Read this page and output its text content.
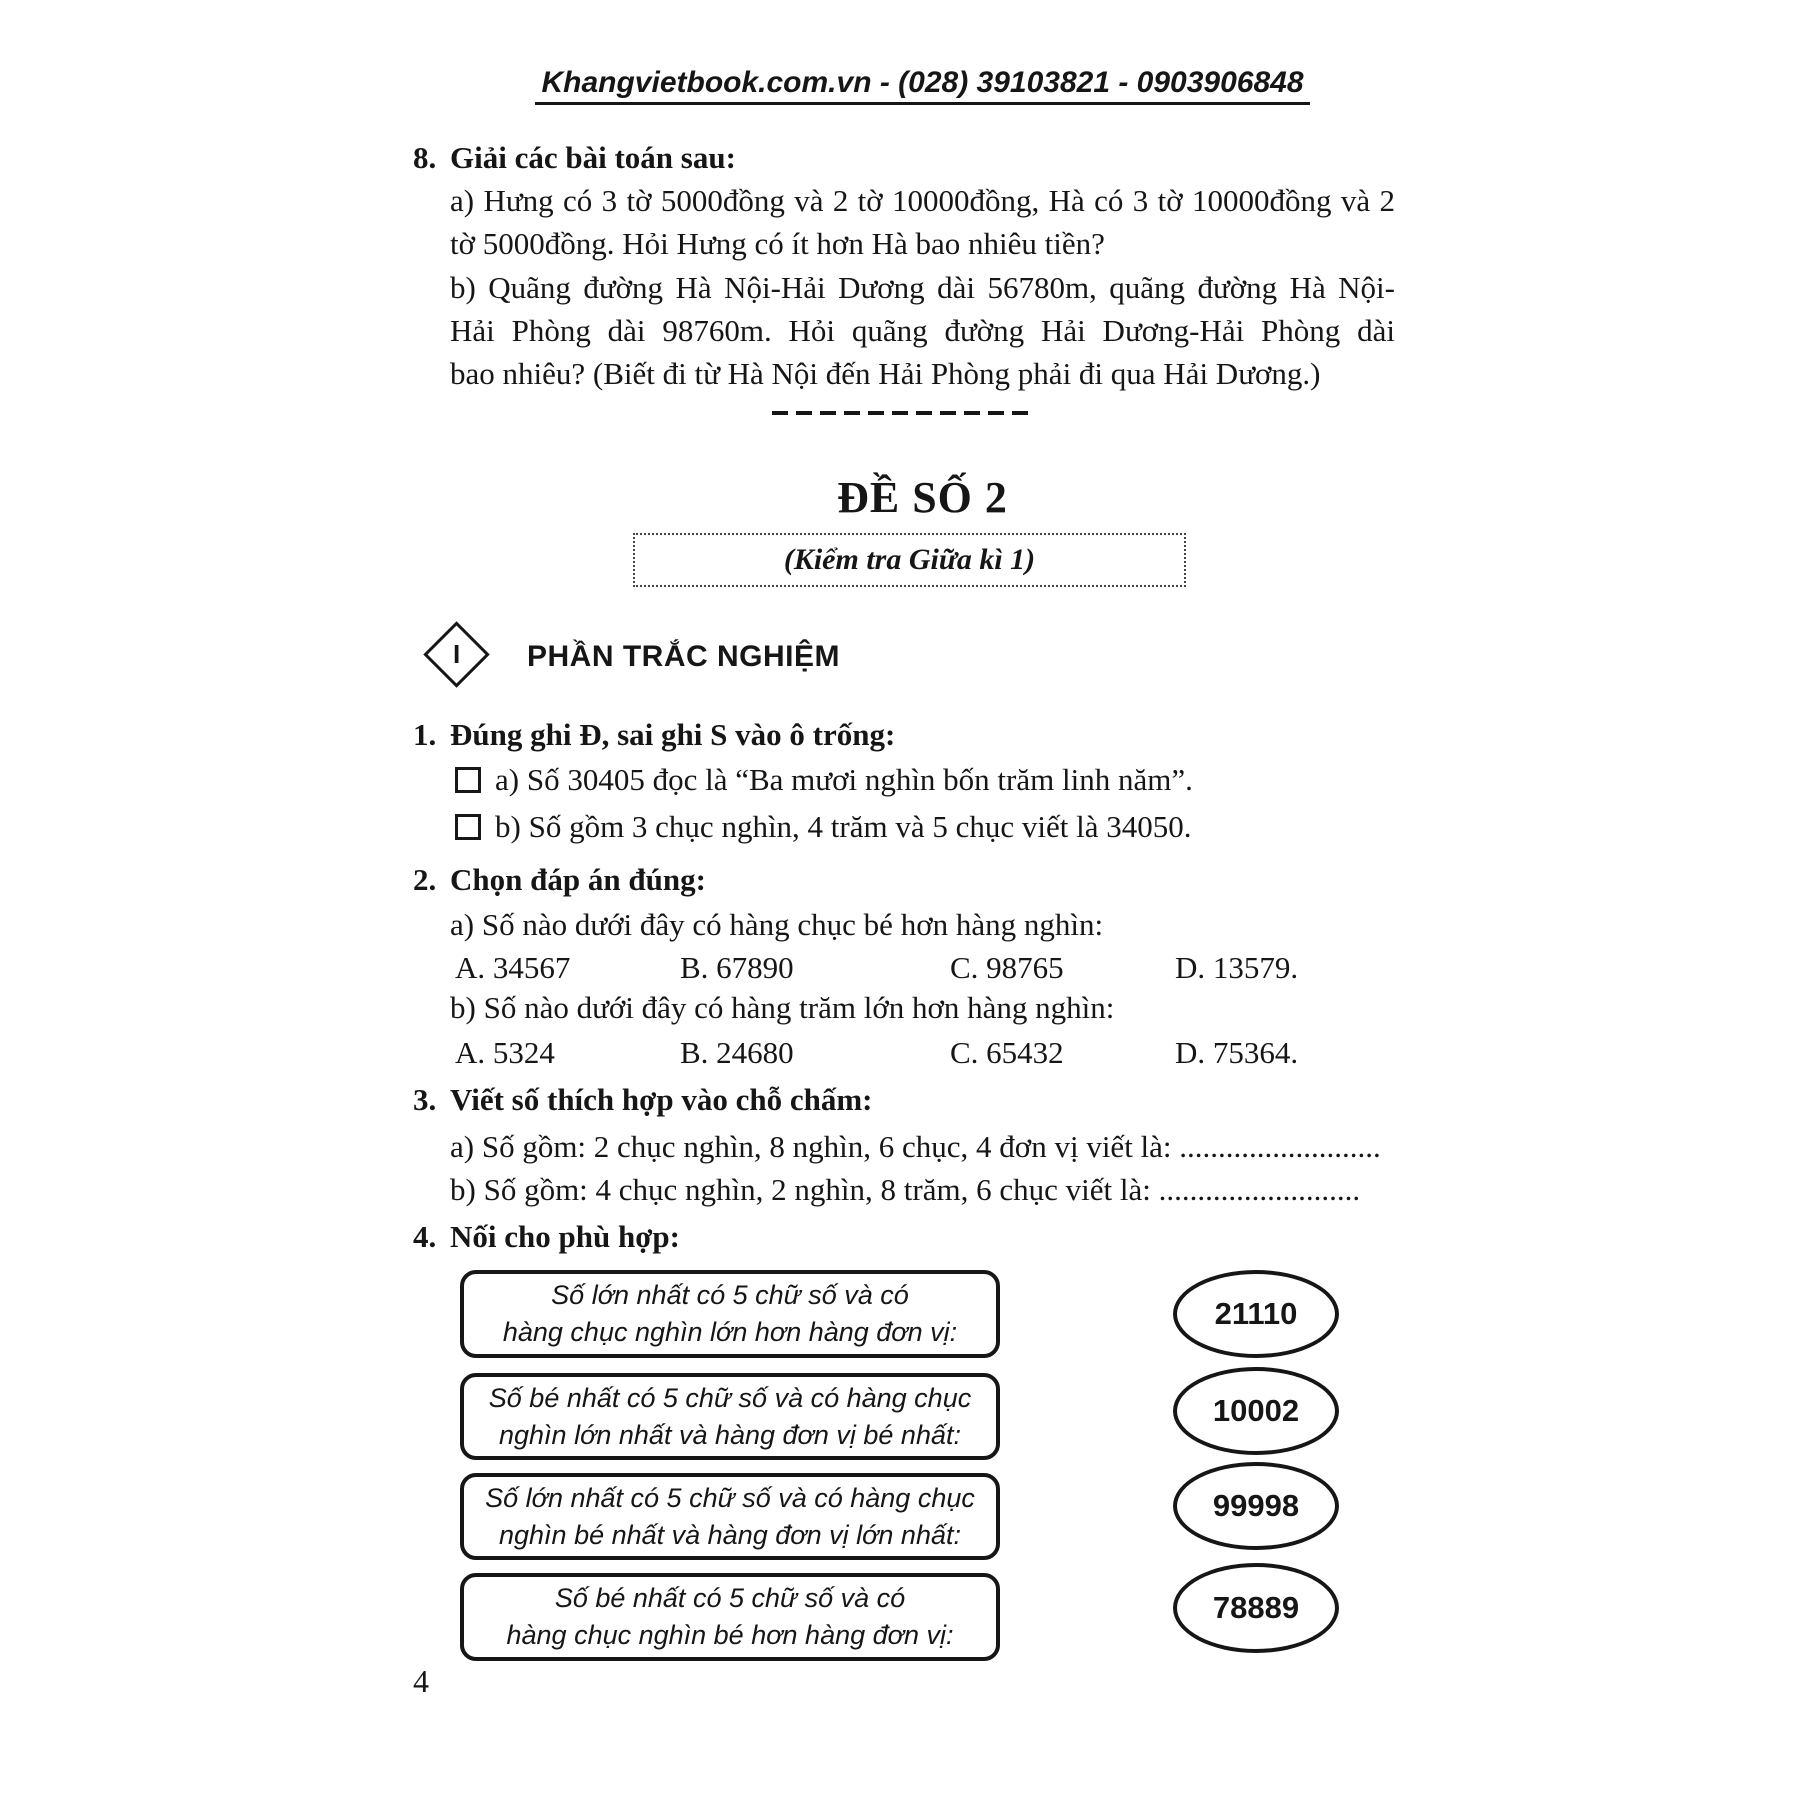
Khangvietbook.com.vn - (028) 39103821 - 0903906848
8. Giải các bài toán sau:
a) Hưng có 3 tờ 5000đồng và 2 tờ 10000đồng, Hà có 3 tờ 10000đồng và 2
tờ 5000đồng. Hỏi Hưng có ít hơn Hà bao nhiêu tiền?
b) Quãng đường Hà Nội-Hải Dương dài 56780m, quãng đường Hà Nội-
Hải Phòng dài 98760m. Hỏi quãng đường Hải Dương-Hải Phòng dài
bao nhiêu? (Biết đi từ Hà Nội đến Hải Phòng phải đi qua Hải Dương.)
ĐỀ SỐ 2
(Kiểm tra Giữa kì 1)
I PHẦN TRẮC NGHIỆM
1. Đúng ghi Đ, sai ghi S vào ô trống:
a) Số 30405 đọc là “Ba mươi nghìn bốn trăm linh năm”.
b) Số gồm 3 chục nghìn, 4 trăm và 5 chục viết là 34050.
2. Chọn đáp án đúng:
a) Số nào dưới đây có hàng chục bé hơn hàng nghìn:
A. 34567	B. 67890	C. 98765	D. 13579.
b) Số nào dưới đây có hàng trăm lớn hơn hàng nghìn:
A. 5324	B. 24680	C. 65432	D. 75364.
3. Viết số thích hợp vào chỗ chấm:
a) Số gồm: 2 chục nghìn, 8 nghìn, 6 chục, 4 đơn vị viết là: ..........................
b) Số gồm: 4 chục nghìn, 2 nghìn, 8 trăm, 6 chục viết là: ..........................
4. Nối cho phù hợp:
Số lớn nhất có 5 chữ số và có
hàng chục nghìn lớn hơn hàng đơn vị:
Số bé nhất có 5 chữ số và có hàng chục
nghìn lớn nhất và hàng đơn vị bé nhất:
Số lớn nhất có 5 chữ số và có hàng chục
nghìn bé nhất và hàng đơn vị lớn nhất:
Số bé nhất có 5 chữ số và có
hàng chục nghìn bé hơn hàng đơn vị:
21110
10002
99998
78889
4
